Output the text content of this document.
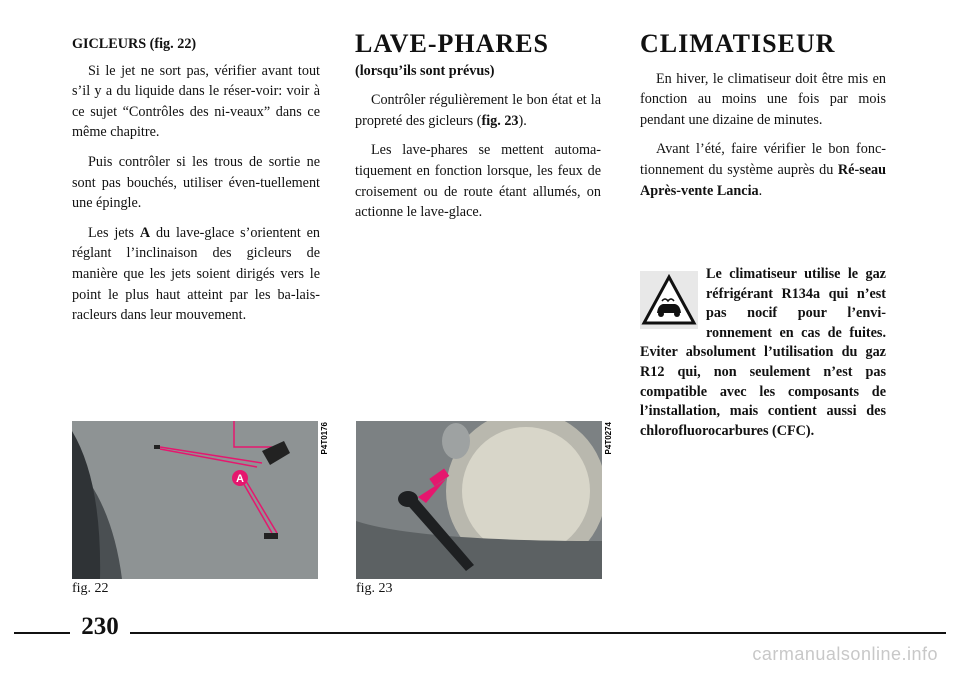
GICLEURS (fig. 22)

Si le jet ne sort pas, vérifier avant tout s’il y a du liquide dans le réser-voir: voir à ce sujet “Contrôles des ni-veaux” dans ce même chapitre.

Puis contrôler si les trous de sortie ne sont pas bouchés, utiliser éven-tuellement une épingle.

Les jets A du lave-glace s’orientent en réglant l’inclinaison des gicleurs de manière que les jets soient dirigés vers le point le plus haut atteint par les ba-lais-racleurs dans leur mouvement.

LAVE-PHARES

(lorsqu’ils sont prévus)

Contrôler régulièrement le bon état et la propreté des gicleurs (fig. 23).

Les lave-phares se mettent automa-tiquement en fonction lorsque, les feux de croisement ou de route étant allumés, on actionne le lave-glace.

CLIMATISEUR

En hiver, le climatiseur doit être mis en fonction au moins une fois par mois pendant une dizaine de minutes.

Avant l’été, faire vérifier le bon fonc-tionnement du système auprès du Ré-seau Après-vente Lancia.

Le climatiseur utilise le gaz réfrigérant R134a qui n’est pas nocif pour l’envi-ronnement en cas de fuites. Eviter absolument l’utilisation du gaz R12 qui, non seulement n’est pas compatible avec les composants de l’installation, mais contient aussi des chlorofluorocarbures (CFC).
A
P4T0176
fig. 22
P4T0274
fig. 23
230
carmanualsonline.info
